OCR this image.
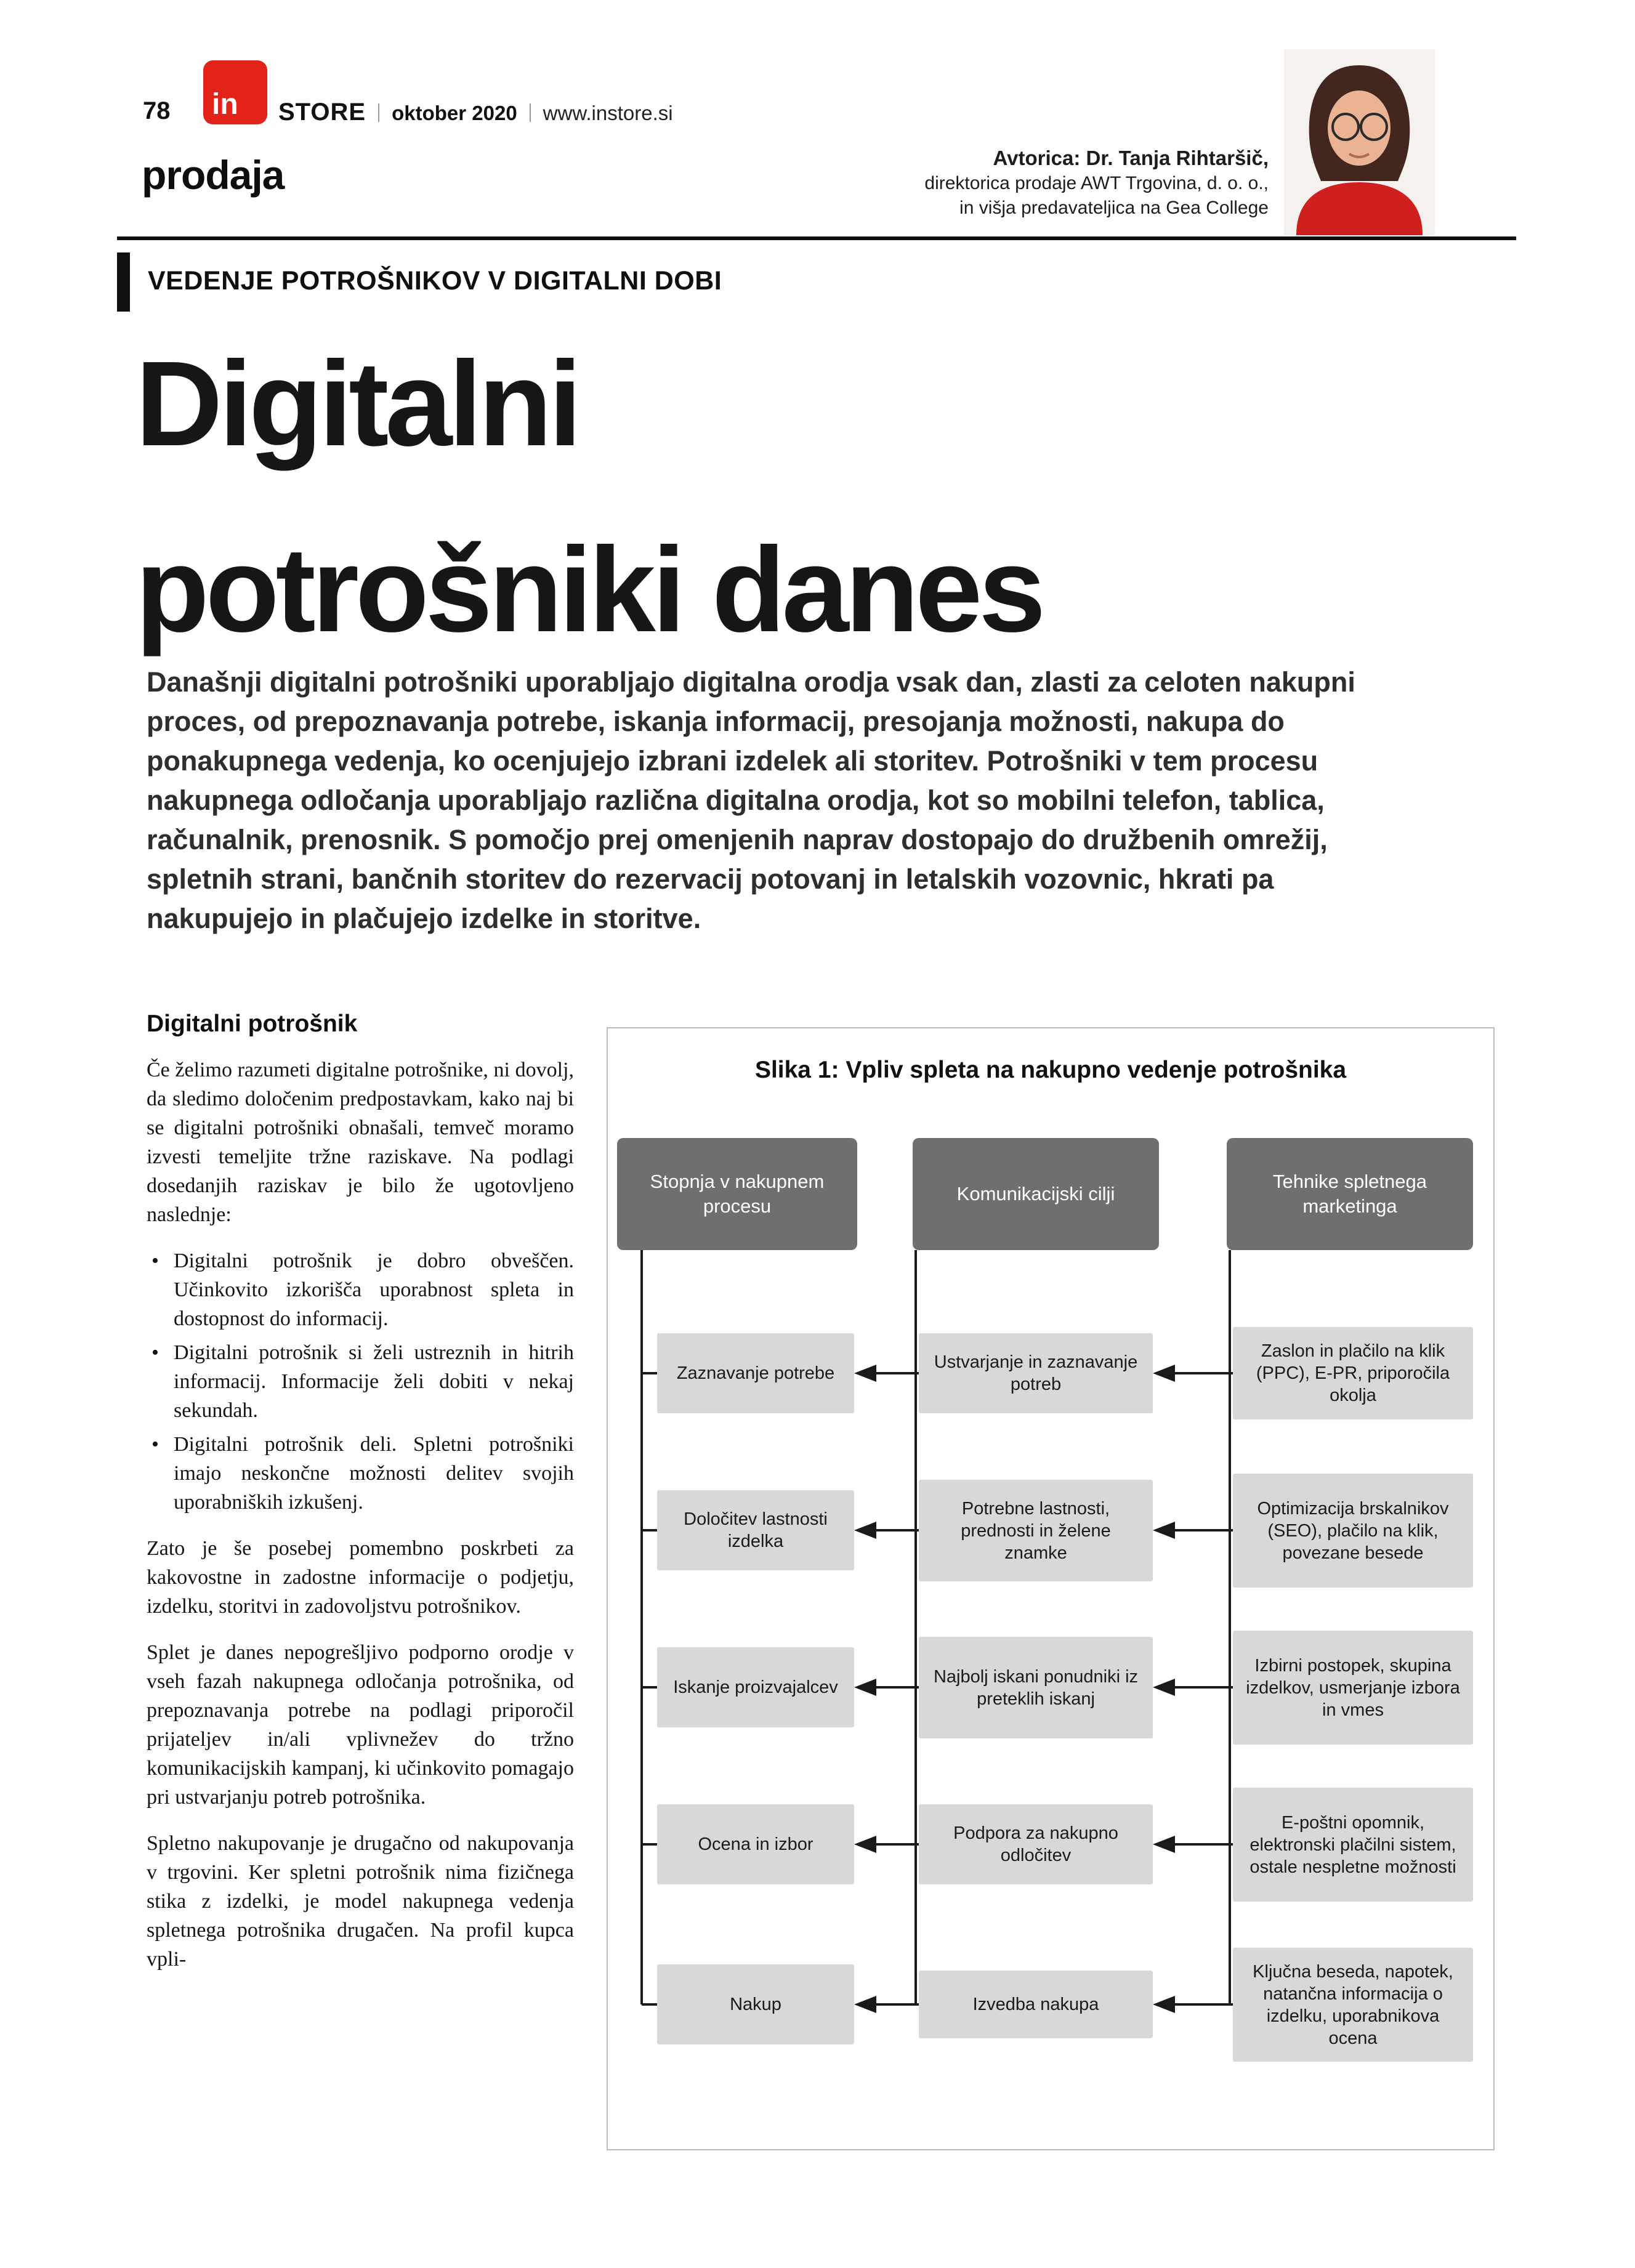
78 in STORE oktober 2020 www.instore.si
prodaja	Avtorica: Dr. Tanja Rihtaršič,
direktorica prodaje AWT Trgovina, d. o. o.,
in višja predavateljica na Gea College
VEDENJE POTROŠNIKOV V DIGITALNI DOBI
Digitalni
potrošniki danes
Današnji digitalni potrošniki uporabljajo digitalna orodja vsak dan, zlasti za celoten nakupni proces, od prepoznavanja potrebe, iskanja informacij, presojanja možnosti, nakupa do ponakupnega vedenja, ko ocenjujejo izbrani izdelek ali storitev. Potrošniki v tem procesu nakupnega odločanja uporabljajo različna digitalna orodja, kot so mobilni telefon, tablica, računalnik, prenosnik. S pomočjo prej omenjenih naprav dostopajo do družbenih omrežij, spletnih strani, bančnih storitev do rezervacij potovanj in letalskih vozovnic, hkrati pa nakupujejo in plačujejo izdelke in storitve.
Digitalni potrošnik

Če želimo razumeti digitalne potrošnike, ni dovolj, da sledimo določenim predpostavkam, kako naj bi se digitalni potrošniki obnašali, temveč moramo izvesti temeljite tržne raziskave. Na podlagi dosedanjih raziskav je bilo že ugotovljeno naslednje:

• Digitalni potrošnik je dobro obveščen. Učinkovito izkorišča uporabnost spleta in dostopnost do informacij.
• Digitalni potrošnik si želi ustreznih in hitrih informacij. Informacije želi dobiti v nekaj sekundah.
• Digitalni potrošnik deli. Spletni potrošniki imajo neskončne možnosti delitev svojih uporabniških izkušenj.

Zato je še posebej pomembno poskrbeti za kakovostne in zadostne informacije o podjetju, izdelku, storitvi in zadovoljstvu potrošnikov.

Splet je danes nepogrešljivo podporno orodje v vseh fazah nakupnega odločanja potrošnika, od prepoznavanja potrebe na podlagi priporočil prijateljev in/ali vplivnežev do tržno komunikacijskih kampanj, ki učinkovito pomagajo pri ustvarjanju potreb potrošnika.

Spletno nakupovanje je drugačno od nakupovanja v trgovini. Ker spletni potrošnik nima fizičnega stika z izdelki, je model nakupnega vedenja spletnega potrošnika drugačen. Na profil kupca vpli-

Slika 1: Vpliv spleta na nakupno vedenje potrošnika
Stopnja v nakupnem procesu
Komunikacijski cilji
Tehnike spletnega marketinga
Zaznavanje potrebe
Ustvarjanje in zaznavanje potreb
Zaslon in plačilo na klik (PPC), E-PR, priporočila okolja
Določitev lastnosti izdelka
Potrebne lastnosti, prednosti in želene znamke
Optimizacija brskalnikov (SEO), plačilo na klik, povezane besede
Iskanje proizvajalcev
Najbolj iskani ponudniki iz preteklih iskanj
Izbirni postopek, skupina izdelkov, usmerjanje izbora in vmes
Ocena in izbor
Podpora za nakupno odločitev
E-poštni opomnik, elektronski plačilni sistem, ostale nespletne možnosti
Nakup	Izvedba nakupa
Ključna beseda, napotek, natančna informacija o izdelku, uporabnikova ocena
